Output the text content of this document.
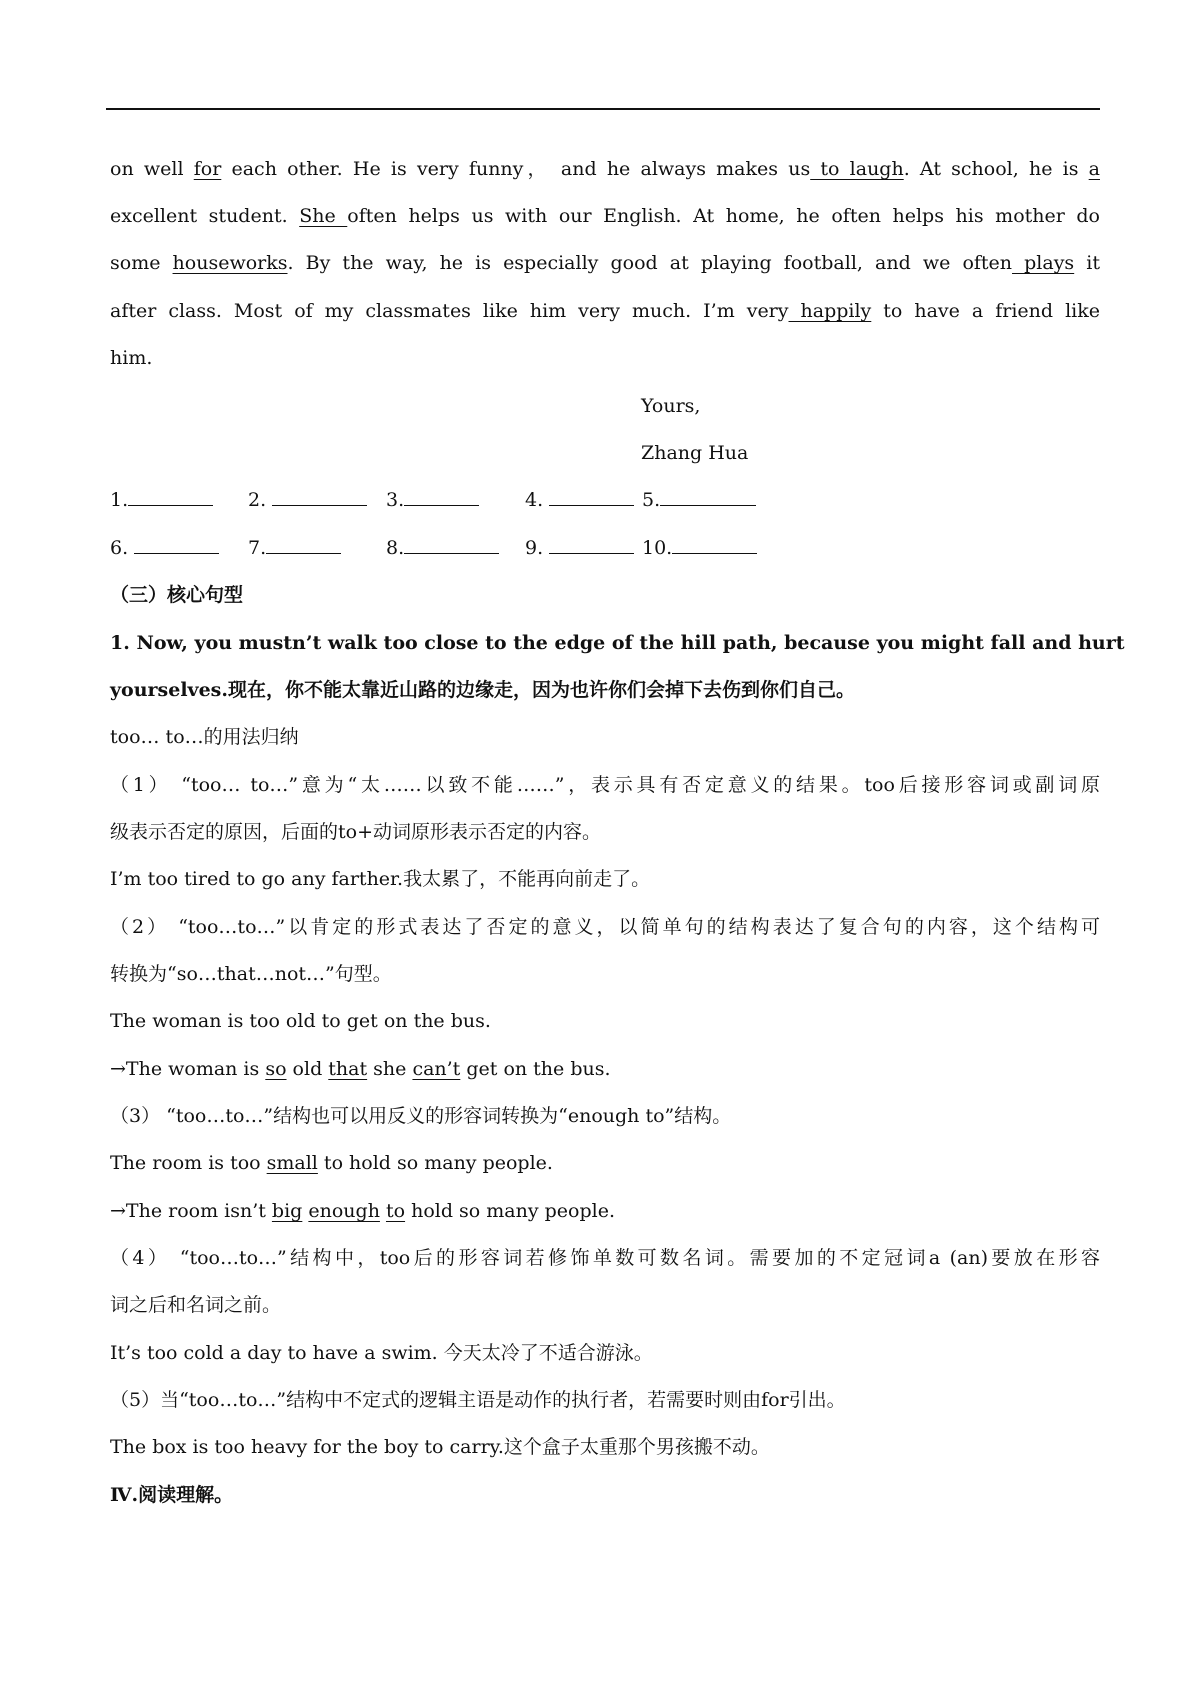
on well for each other. He is very funny， and he always makes us to laugh. At school, he is a
excellent student. She often helps us with our English. At home, he often helps his mother do
some houseworks. By the way, he is especially good at playing football, and we often plays it
after class. Most of my classmates like him very much. I’m very happily to have a friend like
him.
Yours,
Zhang Hua
1.	2.	3.	4.	5.
6.	7.	8.	9.	10.
（三）核心句型
1. Now, you mustn’t walk too close to the edge of the hill path, because you might fall and hurt
yourselves.现在，你不能太靠近山路的边缘走，因为也许你们会掉下去伤到你们自己。
too… to…的用法归纳
（1） “too… to…”意为“太……以致不能……”，表示具有否定意义的结果。too后接形容词或副词原
级表示否定的原因，后面的to+动词原形表示否定的内容。
I’m too tired to go any farther.我太累了，不能再向前走了。
（2） “too…to…”以肯定的形式表达了否定的意义，以简单句的结构表达了复合句的内容，这个结构可
转换为“so…that…not…”句型。
The woman is too old to get on the bus.
→The woman is so old that she can’t get on the bus.
（3） “too…to…”结构也可以用反义的形容词转换为“enough to”结构。
The room is too small to hold so many people.
→The room isn’t big enough to hold so many people.
（4） “too…to…”结构中，too后的形容词若修饰单数可数名词。需要加的不定冠词a (an)要放在形容
词之后和名词之前。
It’s too cold a day to have a swim. 今天太冷了不适合游泳。
（5）当“too…to…”结构中不定式的逻辑主语是动作的执行者，若需要时则由for引出。
The box is too heavy for the boy to carry.这个盒子太重那个男孩搬不动。
Ⅳ.阅读理解。
